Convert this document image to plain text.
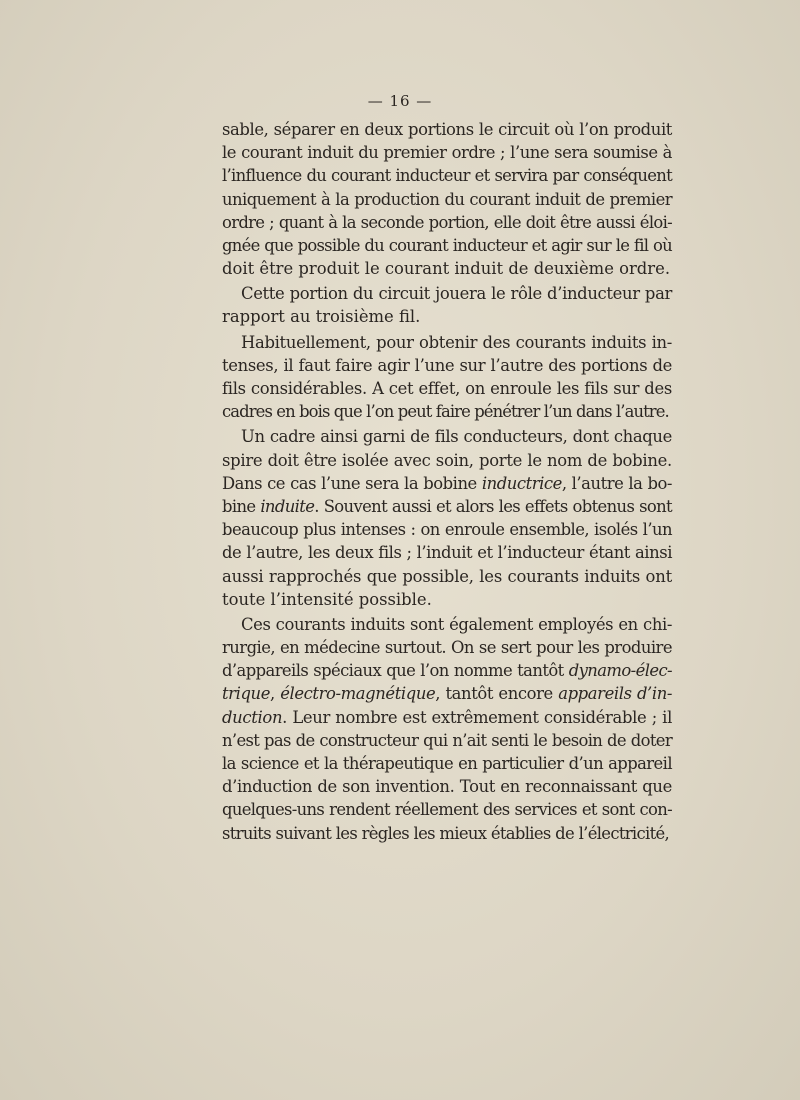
— 16 —
sable, séparer en deux portions le circuit où l’on produit
le courant induit du premier ordre ; l’une sera soumise à
l’influence du courant inducteur et servira par conséquent
uniquement à la production du courant induit de premier
ordre ; quant à la seconde portion, elle doit être aussi éloi-
gnée que possible du courant inducteur et agir sur le fil où
doit être produit le courant induit de deuxième ordre.
Cette portion du circuit jouera le rôle d’inducteur par
rapport au troisième fil.
Habituellement, pour obtenir des courants induits in-
tenses, il faut faire agir l’une sur l’autre des portions de
fils considérables. A cet effet, on enroule les fils sur des
cadres en bois que l’on peut faire pénétrer l’un dans l’autre.
Un cadre ainsi garni de fils conducteurs, dont chaque
spire doit être isolée avec soin, porte le nom de bobine.
Dans ce cas l’une sera la bobine inductrice, l’autre la bo-
bine induite. Souvent aussi et alors les effets obtenus sont
beaucoup plus intenses : on enroule ensemble, isolés l’un
de l’autre, les deux fils ; l’induit et l’inducteur étant ainsi
aussi rapprochés que possible, les courants induits ont
toute l’intensité possible.
Ces courants induits sont également employés en chi-
rurgie, en médecine surtout. On se sert pour les produire
d’appareils spéciaux que l’on nomme tantôt dynamo-élec-
trique, électro-magnétique, tantôt encore appareils d’in-
duction. Leur nombre est extrêmement considérable ; il
n’est pas de constructeur qui n’ait senti le besoin de doter
la science et la thérapeutique en particulier d’un appareil
d’induction de son invention. Tout en reconnaissant que
quelques-uns rendent réellement des services et sont con-
struits suivant les règles les mieux établies de l’électricité,
